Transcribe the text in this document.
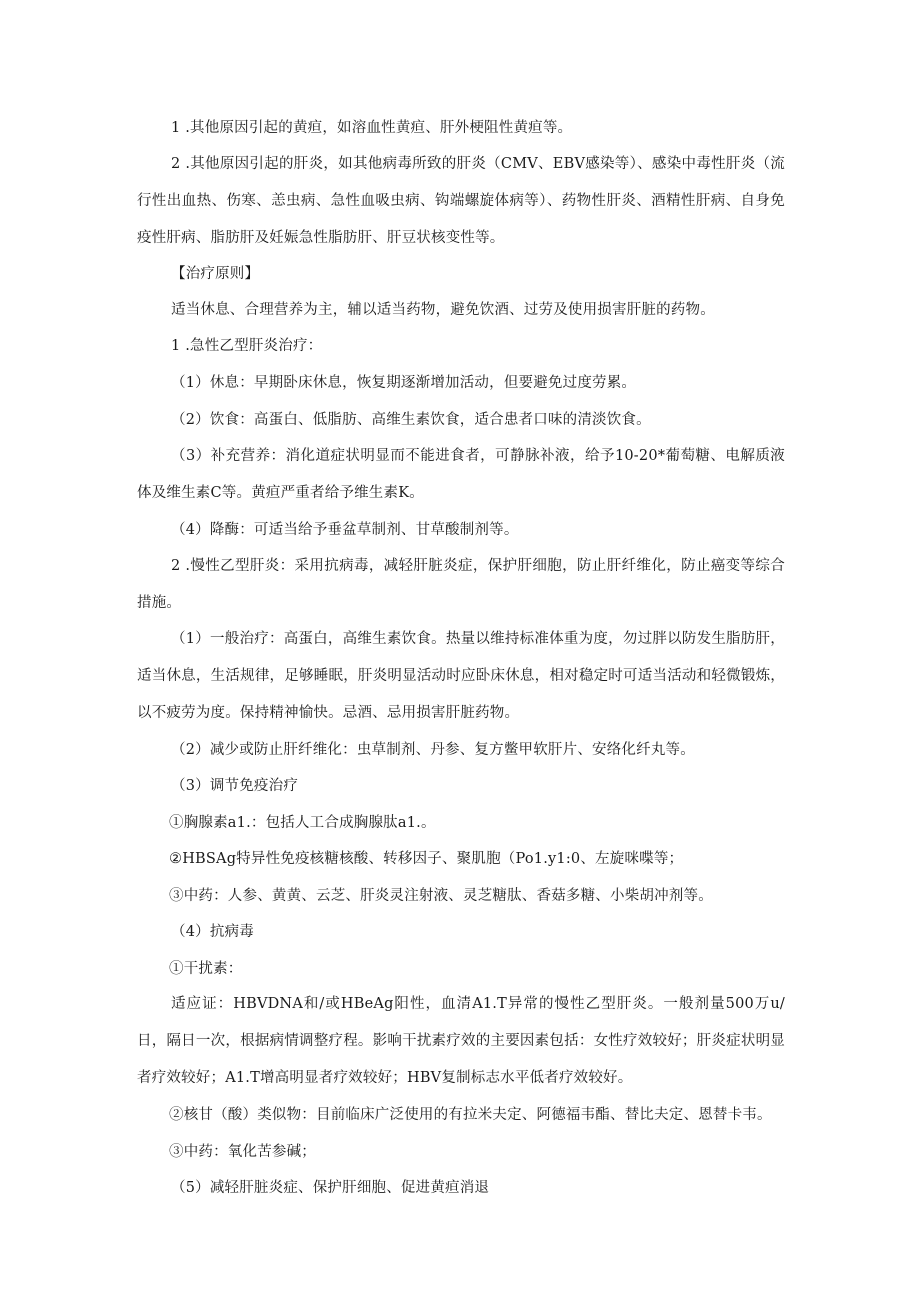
1 .其他原因引起的黄疸，如溶血性黄疸、肝外梗阻性黄疸等。
2 .其他原因引起的肝炎，如其他病毒所致的肝炎（CMV、EBV感染等）、感染中毒性肝炎（流行性出血热、伤寒、恙虫病、急性血吸虫病、钩端螺旋体病等）、药物性肝炎、酒精性肝病、自身免疫性肝病、脂肪肝及妊娠急性脂肪肝、肝豆状核变性等。
【治疗原则】
适当休息、合理营养为主，辅以适当药物，避免饮酒、过劳及使用损害肝脏的药物。
1 .急性乙型肝炎治疗：
（1）休息：早期卧床休息，恢复期逐渐增加活动，但要避免过度劳累。
（2）饮食：高蛋白、低脂肪、高维生素饮食，适合患者口味的清淡饮食。
（3）补充营养：消化道症状明显而不能进食者，可静脉补液，给予10-20*葡萄糖、电解质液体及维生素C等。黄疸严重者给予维生素K。
（4）降酶：可适当给予垂盆草制剂、甘草酸制剂等。
2 .慢性乙型肝炎：采用抗病毒，减轻肝脏炎症，保护肝细胞，防止肝纤维化，防止癌变等综合措施。
（1）一般治疗：高蛋白，高维生素饮食。热量以维持标准体重为度，勿过胖以防发生脂肪肝，适当休息，生活规律，足够睡眠，肝炎明显活动时应卧床休息，相对稳定时可适当活动和轻微锻炼，以不疲劳为度。保持精神愉快。忌酒、忌用损害肝脏药物。
（2）减少或防止肝纤维化：虫草制剂、丹参、复方鳖甲软肝片、安络化纤丸等。
（3）调节免疫治疗
①胸腺素a1.：包括人工合成胸腺肽a1.。
②HBSAg特异性免疫核糖核酸、转移因子、聚肌胞（Po1.y1:0、左旋咪喋等；
③中药：人参、黄黄、云芝、肝炎灵注射液、灵芝糖肽、香菇多糖、小柴胡冲剂等。
（4）抗病毒
①干扰素：
适应证：HBVDNA和/或HBeAg阳性，血清A1.T异常的慢性乙型肝炎。一般剂量500万u/日，隔日一次，根据病情调整疗程。影响干扰素疗效的主要因素包括：女性疗效较好；肝炎症状明显者疗效较好；A1.T增高明显者疗效较好；HBV复制标志水平低者疗效较好。
②核甘（酸）类似物：目前临床广泛使用的有拉米夫定、阿德福韦酯、替比夫定、恩替卡韦。
③中药：氧化苦参碱；
（5）减轻肝脏炎症、保护肝细胞、促进黄疸消退
